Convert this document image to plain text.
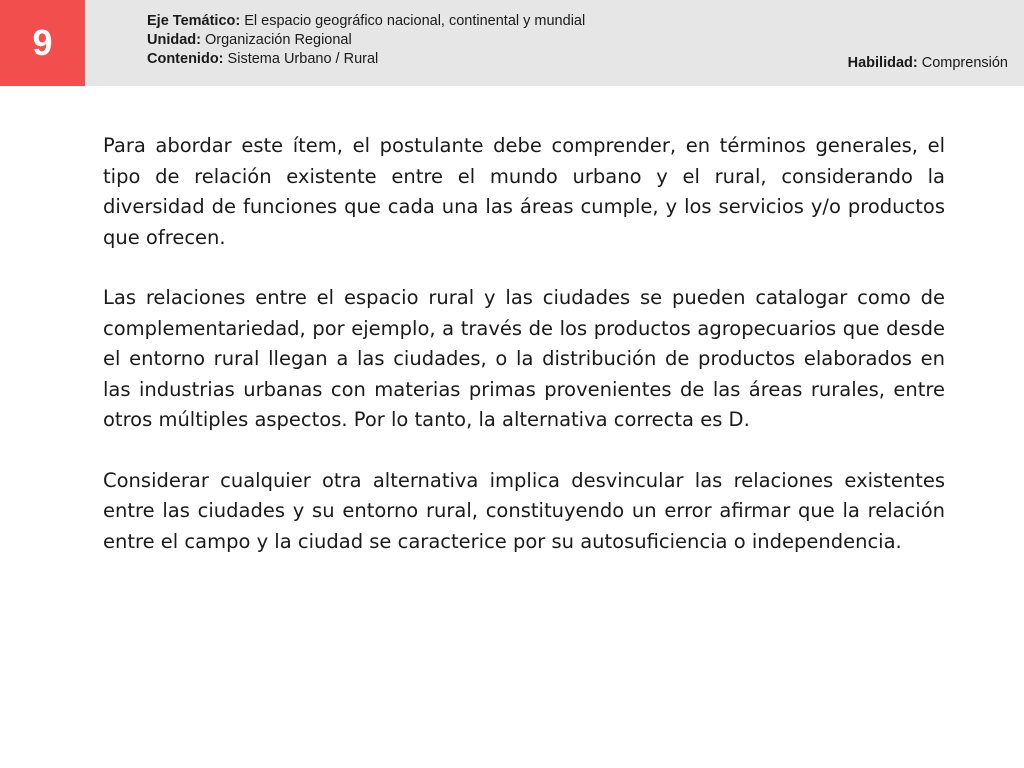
9
Eje Temático: El espacio geográfico nacional, continental y mundial
Unidad: Organización Regional
Contenido: Sistema Urbano / Rural	Habilidad: Comprensión

Para abordar este ítem, el postulante debe comprender, en términos generales, el tipo de relación existente entre el mundo urbano y el rural, considerando la diversidad de funciones que cada una las áreas cumple, y los servicios y/o productos que ofrecen.

Las relaciones entre el espacio rural y las ciudades se pueden catalogar como de complementariedad, por ejemplo, a través de los productos agropecuarios que desde el entorno rural llegan a las ciudades, o la distribución de productos elaborados en las industrias urbanas con materias primas provenientes de las áreas rurales, entre otros múltiples aspectos. Por lo tanto, la alternativa correcta es D.

Considerar cualquier otra alternativa implica desvincular las relaciones existentes entre las ciudades y su entorno rural, constituyendo un error afirmar que la relación entre el campo y la ciudad se caracterice por su autosuficiencia o independencia.
